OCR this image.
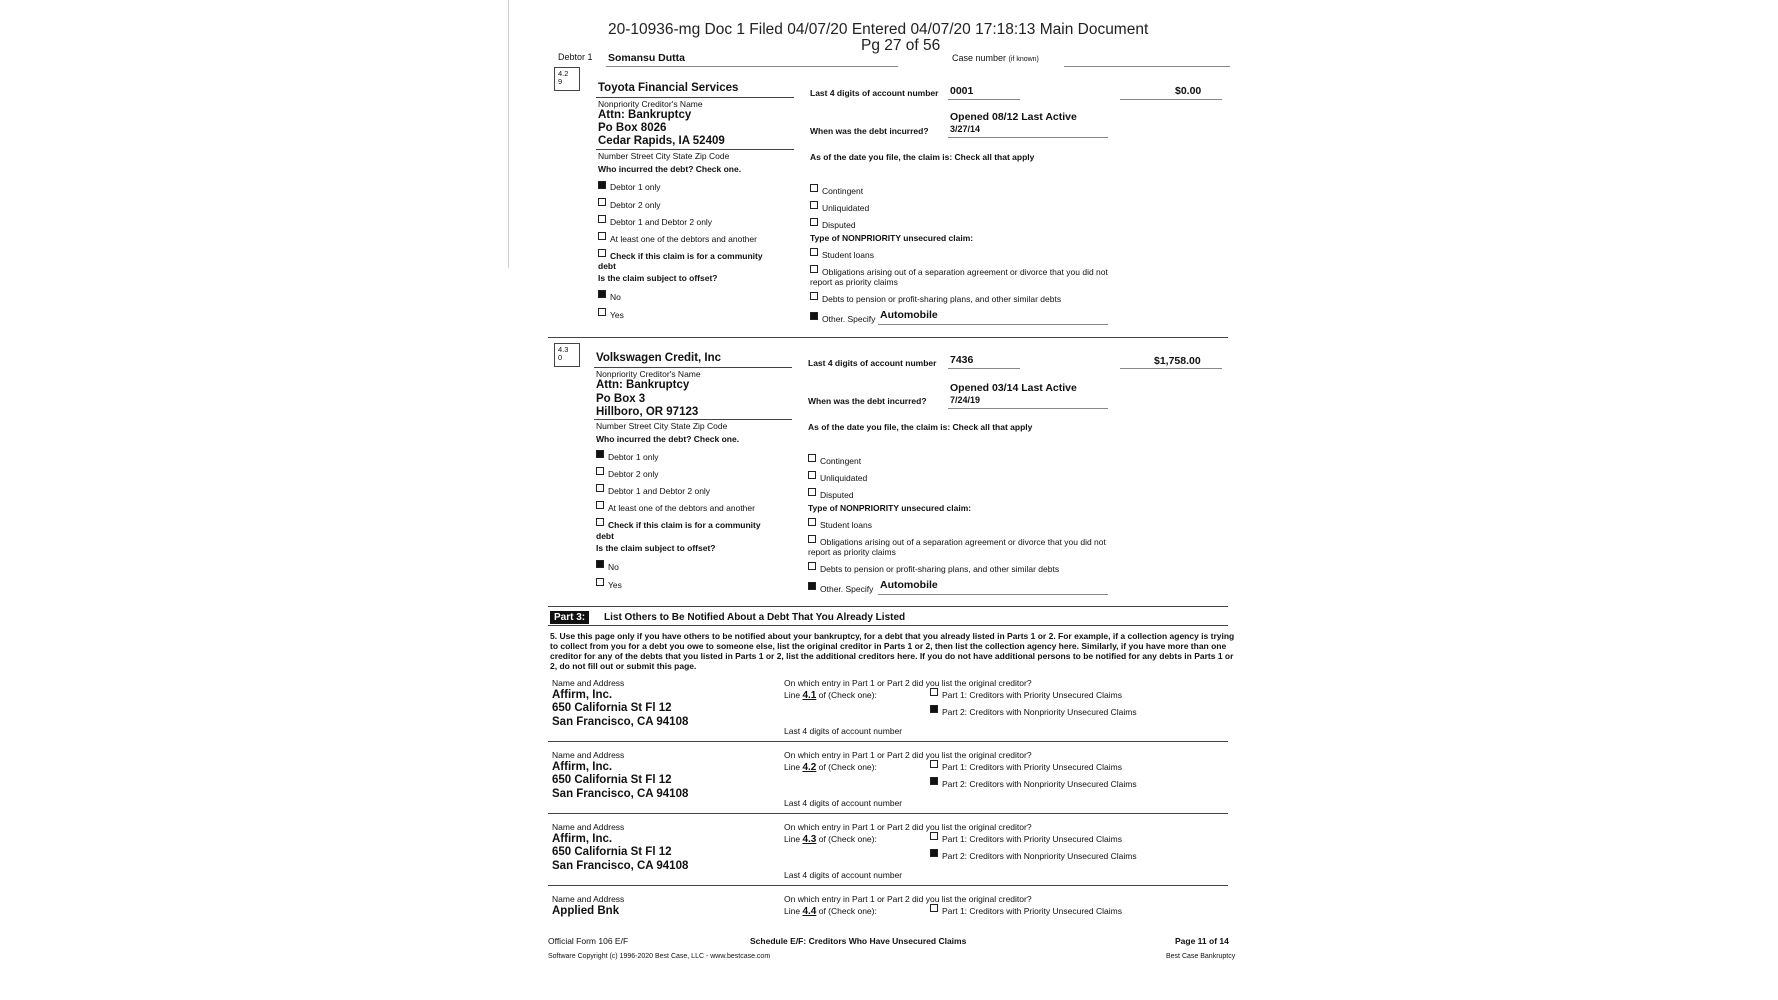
20-10936-mg Doc 1 Filed 04/07/20 Entered 04/07/20 17:18:13 Main Document
Pg 27 of 56
Debtor 1 Somansu Dutta	Case number (if known)
4.2
9
Toyota Financial Services
Nonpriority Creditor's Name
Attn: Bankruptcy
Po Box 8026
Cedar Rapids, IA 52409
Number Street City State Zip Code
Who incurred the debt? Check one.
Debtor 1 only
Debtor 2 only
Debtor 1 and Debtor 2 only
At least one of the debtors and another
Check if this claim is for a community
debt
Is the claim subject to offset?
No
Yes
Last 4 digits of account number 0001	$0.00
Opened 08/12 Last Active
When was the debt incurred? 3/27/14
As of the date you file, the claim is: Check all that apply
Contingent
Unliquidated
Disputed
Type of NONPRIORITY unsecured claim:
Student loans
Obligations arising out of a separation agreement or divorce that you did not
report as priority claims
Debts to pension or profit-sharing plans, and other similar debts
Other. Specify Automobile
4.3
0	Volkswagen Credit, Inc
Nonpriority Creditor's Name
Attn: Bankruptcy
Po Box 3
Hillboro, OR 97123
Number Street City State Zip Code
Who incurred the debt? Check one.
Debtor 1 only
Debtor 2 only
Debtor 1 and Debtor 2 only
At least one of the debtors and another
Check if this claim is for a community
debt
Is the claim subject to offset?
No
Yes
Last 4 digits of account number 7436	$1,758.00
Opened 03/14 Last Active
When was the debt incurred?	7/24/19
As of the date you file, the claim is: Check all that apply
Contingent
Unliquidated
Disputed
Type of NONPRIORITY unsecured claim:
Student loans
Obligations arising out of a separation agreement or divorce that you did not
report as priority claims
Debts to pension or profit-sharing plans, and other similar debts
Other. Specify Automobile
Part 3:	List Others to Be Notified About a Debt That You Already Listed
5. Use this page only if you have others to be notified about your bankruptcy, for a debt that you already listed in Parts 1 or 2. For example, if a collection agency is trying to collect from you for a debt you owe to someone else, list the original creditor in Parts 1 or 2, then list the collection agency here. Similarly, if you have more than one creditor for any of the debts that you listed in Parts 1 or 2, list the additional creditors here. If you do not have additional persons to be notified for any debts in Parts 1 or 2, do not fill out or submit this page.
Name and Address
Affirm, Inc.
650 California St Fl 12
San Francisco, CA 94108
On which entry in Part 1 or Part 2 did you list the original creditor?
Line 4.1 of (Check one):	Part 1: Creditors with Priority Unsecured Claims
Part 2: Creditors with Nonpriority Unsecured Claims
Last 4 digits of account number
Name and Address
Affirm, Inc.
650 California St Fl 12
San Francisco, CA 94108
On which entry in Part 1 or Part 2 did you list the original creditor?
Line 4.2 of (Check one):	Part 1: Creditors with Priority Unsecured Claims
Part 2: Creditors with Nonpriority Unsecured Claims
Last 4 digits of account number
Name and Address
Affirm, Inc.
650 California St Fl 12
San Francisco, CA 94108
On which entry in Part 1 or Part 2 did you list the original creditor?
Line 4.3 of (Check one):	Part 1: Creditors with Priority Unsecured Claims
Part 2: Creditors with Nonpriority Unsecured Claims
Last 4 digits of account number
Name and Address
Applied Bnk
On which entry in Part 1 or Part 2 did you list the original creditor?
Line 4.4 of (Check one):	Part 1: Creditors with Priority Unsecured Claims
Official Form 106 E/F	Schedule E/F: Creditors Who Have Unsecured Claims	Page 11 of 14
Software Copyright (c) 1996-2020 Best Case, LLC - www.bestcase.com	Best Case Bankruptcy
